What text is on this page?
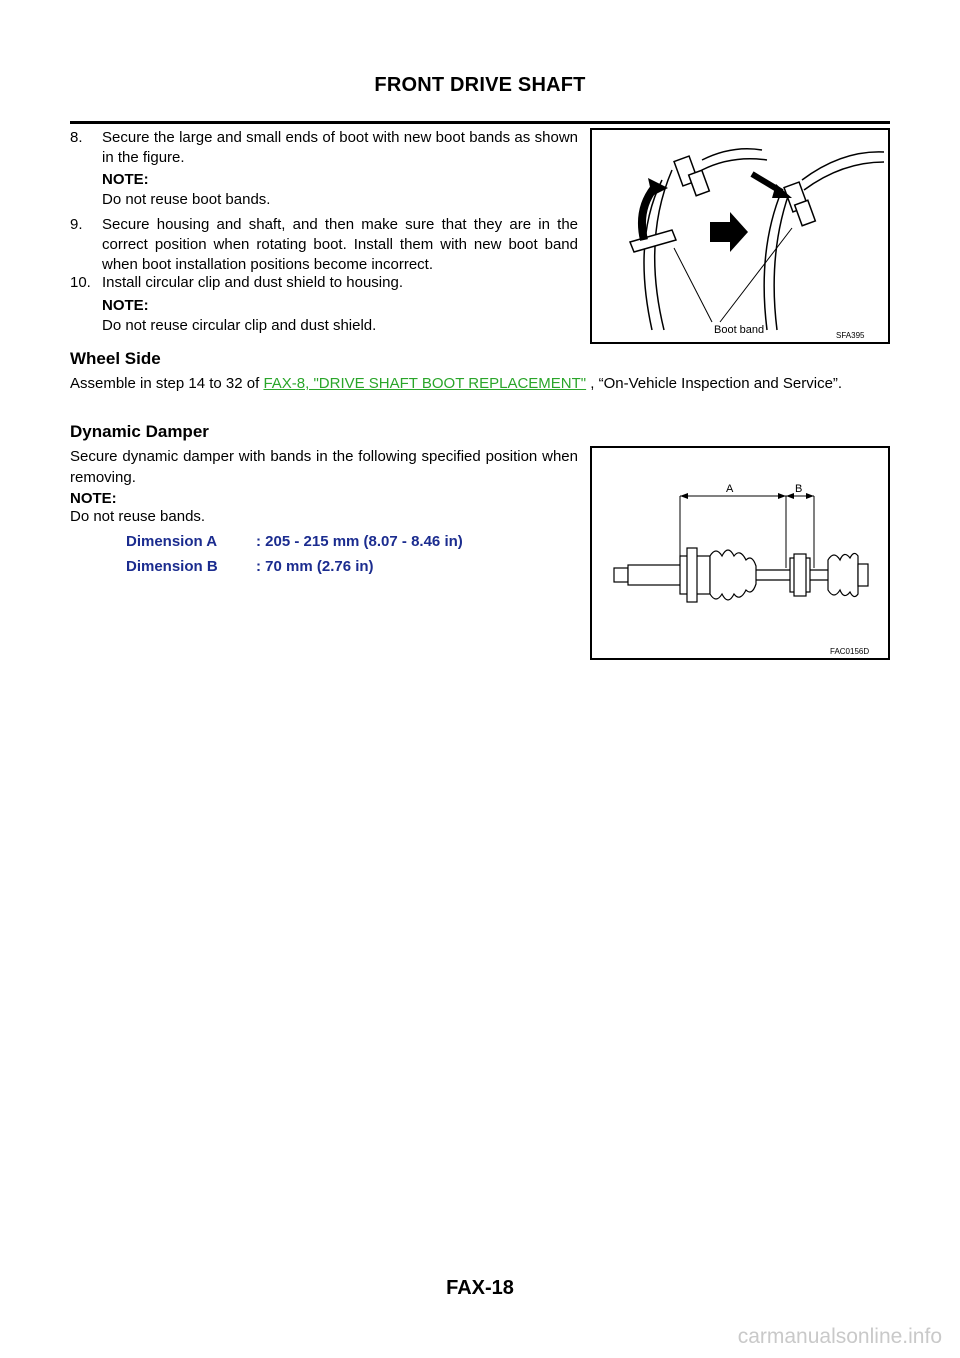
FRONT DRIVE SHAFT
8. Secure the large and small ends of boot with new boot bands as shown in the figure.
NOTE:
Do not reuse boot bands.
9. Secure housing and shaft, and then make sure that they are in the correct position when rotating boot. Install them with new boot band when boot installation positions become incorrect.
10. Install circular clip and dust shield to housing.
NOTE:
Do not reuse circular clip and dust shield.	Boot band	SFA395
Wheel Side
Assemble in step 14 to 32 of FAX-8, "DRIVE SHAFT BOOT REPLACEMENT" , “On-Vehicle Inspection and Service”.
Dynamic Damper
Secure dynamic damper with bands in the following specified position when removing.
NOTE:
Do not reuse bands.
Dimension A	: 205 - 215 mm (8.07 - 8.46 in)
Dimension B	: 70 mm (2.76 in)
A	B
FAC0156D
FAX-18
carmanualsonline.info
